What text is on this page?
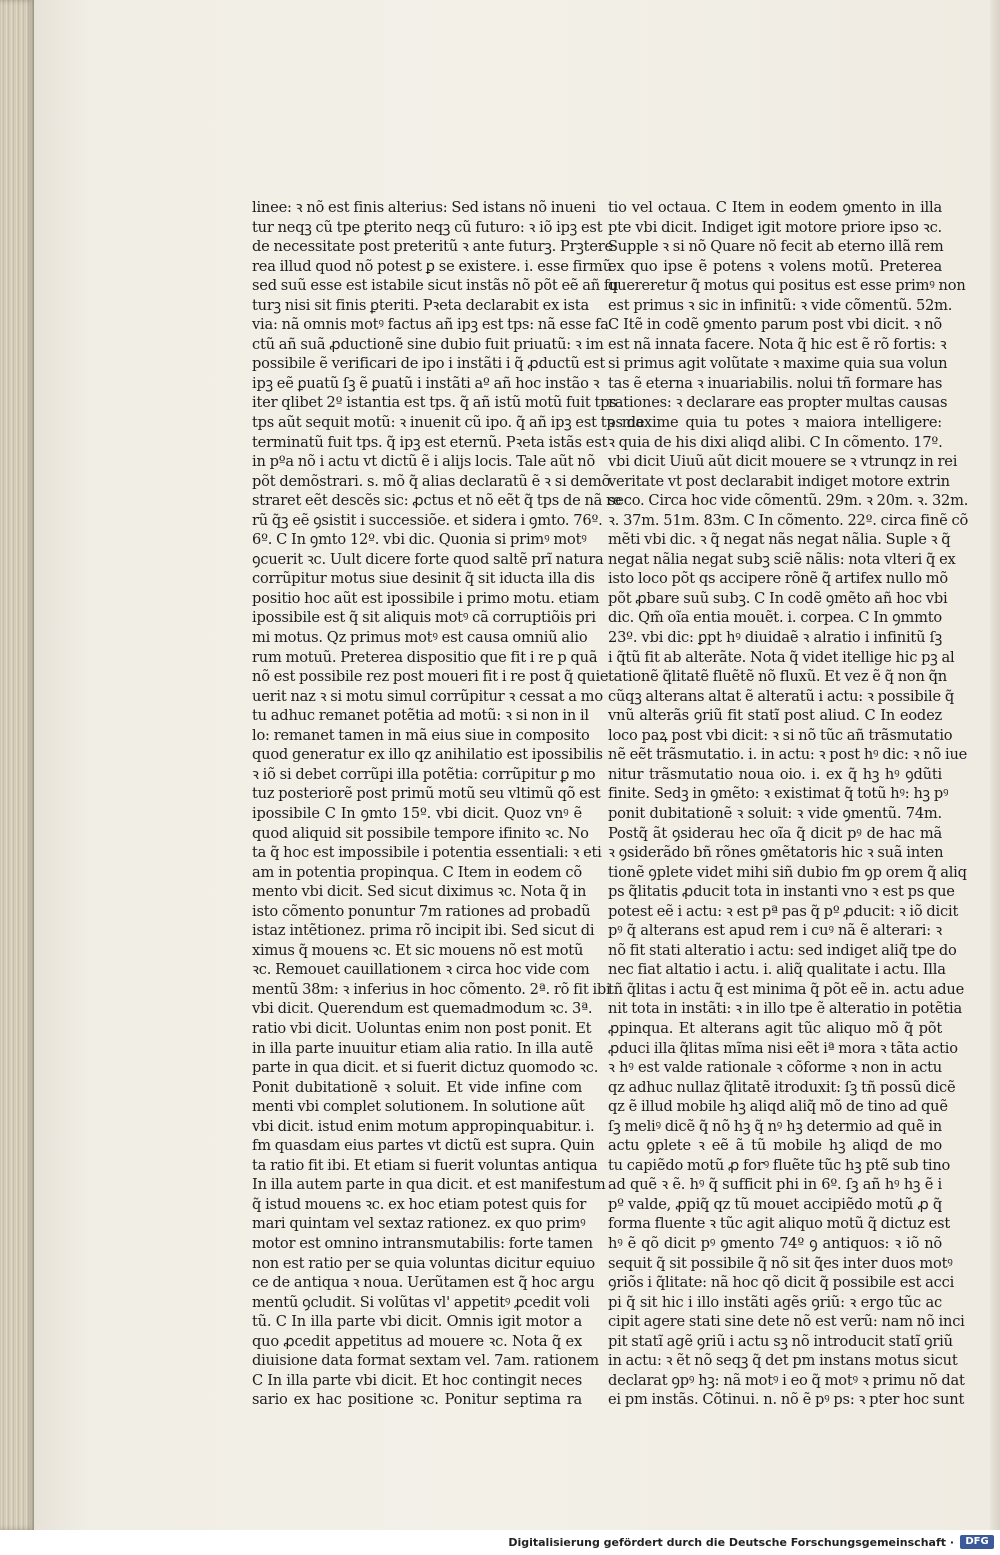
linee: ꝛ nõ est finis alterius: Sed istans nõ inueni
tur neqꝫ cũ tpe ꝑterito neqꝫ cũ futuro: ꝛ iõ ipꝫ est
de necessitate post preteritũ ꝛ ante futurꝫ. Prꝫtere
rea illud quod nõ potest ꝑ se existere. i. esse firmũ
sed suũ esse est istabile sicut instãs nõ põt eẽ añ fu
turꝫ nisi sit finis ꝑteriti. Pꝛeta declarabit ex ista
via: nã omnis motꝰ factus añ ipꝫ est tps: nã esse fa
ctũ añ suã ꝓductionẽ sine dubio fuit priuatũ: ꝛ im
possibile ẽ verificari de ipo i instãti i q̃ ꝓductũ est
ipꝫ eẽ ꝑuatũ ſꝫ ẽ ꝑuatũ i instãti aº añ hoc instão ꝛ
iter qlibet 2º istantia est tps. q̃ añ istũ motũ fuit tps
tps aũt sequit motũ: ꝛ inuenit cũ ipo. q̃ añ ipꝫ est tps de
terminatũ fuit tps. q̃ ipꝫ est eternũ. Pꝛeta istãs est
in pºa nõ i actu vt dictũ ẽ i alijs locis. Tale aũt nõ
põt demõstrari. s. mõ q̃ alias declaratũ ẽ ꝛ si demõ
straret eẽt descẽs sic: ꝓctus et nõ eẽt q̃ tps de nã re
rũ q̃ꝫ eẽ ꝯsistit i successiõe. et sidera i ꝯmto. 76º.
6º. C In ꝯmto 12º. vbi dic. Quonia si primꝰ motꝰ
ꝯcuerit ꝛc. Uult dicere forte quod saltẽ prĩ natura
corrũpitur motus siue desinit q̃ sit iducta illa dis
positio hoc aũt est ipossibile i primo motu. etiam
ipossibile est q̃ sit aliquis motꝰ cã corruptiõis pri
mi motus. Qz primus motꝰ est causa omniũ alio
rum motuũ. Preterea dispositio que fit i re p quã
nõ est possibile rez post moueri fit i re post q̃ quie
uerit naz ꝛ si motu simul corrũpitur ꝛ cessat a mo
tu adhuc remanet potẽtia ad motũ: ꝛ si non in il
lo: remanet tamen in mã eius siue in composito
quod generatur ex illo qz anihilatio est ipossibilis
ꝛ iõ si debet corrũpi illa potẽtia: corrũpitur ꝑ mo
tuz posteriorẽ post primũ motũ seu vltimũ qõ est
ipossibile C In ꝯmto 15º. vbi dicit. Quoz vnꝰ ẽ
quod aliquid sit possibile tempore ifinito ꝛc. No
ta q̃ hoc est impossibile i potentia essentiali: ꝛ eti
am in potentia propinqua. C Item in eodem cõ
mento vbi dicit. Sed sicut diximus ꝛc. Nota q̃ in
isto cõmento ponuntur 7m rationes ad probadũ
istaz intẽtionez. prima rõ incipit ibi. Sed sicut di
ximus q̃ mouens ꝛc. Et sic mouens nõ est motũ
ꝛc. Remouet cauillationem ꝛ circa hoc vide com
mentũ 38m: ꝛ inferius in hoc cõmento. 2ª. rõ fit ibi
vbi dicit. Querendum est quemadmodum ꝛc. 3ª.
ratio vbi dicit. Uoluntas enim non post ponit. Et
in illa parte inuuitur etiam alia ratio. In illa autẽ
parte in qua dicit. et si fuerit dictuz quomodo ꝛc.
Ponit dubitationẽ ꝛ soluit. Et vide infine com
menti vbi complet solutionem. In solutione aũt
vbi dicit. istud enim motum appropinquabitur. i.
fm quasdam eius partes vt dictũ est supra. Quin
ta ratio fit ibi. Et etiam si fuerit voluntas antiqua
In illa autem parte in qua dicit. et est manifestum
q̃ istud mouens ꝛc. ex hoc etiam potest quis for
mari quintam vel sextaz rationez. ex quo primꝰ
motor est omnino intransmutabilis: forte tamen
non est ratio per se quia voluntas dicitur equiuo
ce de antiqua ꝛ noua. Uerũtamen est q̃ hoc argu
mentũ ꝯcludit. Si volũtas vl' appetitꝰ ꝓcedit voli
tũ. C In illa parte vbi dicit. Omnis igit motor a
quo ꝓcedit appetitus ad mouere ꝛc. Nota q̃ ex
diuisione data format sextam vel. 7am. rationem
C In illa parte vbi dicit. Et hoc contingit neces
sario ex hac positione ꝛc. Ponitur septima ra
tio vel octaua. C Item in eodem ꝯmento in illa
pte vbi dicit. Indiget igit motore priore ipso ꝛc.
Supple ꝛ si nõ Quare nõ fecit ab eterno illã rem
ex quo ipse ẽ potens ꝛ volens motũ. Preterea
quereretur q̃ motus qui positus est esse primꝰ non
est primus ꝛ sic in infinitũ: ꝛ vide cõmentũ. 52m.
C Itẽ in codẽ ꝯmento parum post vbi dicit. ꝛ nõ
est nã innata facere. Nota q̃ hic est ẽ rõ fortis: ꝛ
si primus agit volũtate ꝛ maxime quia sua volun
tas ẽ eterna ꝛ inuariabilis. nolui tñ formare has
rationes: ꝛ declarare eas propter multas causas
ꝛ maxime quia tu potes ꝛ maiora intelligere:
ꝛ quia de his dixi aliqd alibi. C In cõmento. 17º.
vbi dicit Uiuũ aũt dicit mouere se ꝛ vtrunqz in rei
veritate vt post declarabit indiget motore extrin
seco. Circa hoc vide cõmentũ. 29m. ꝛ 20m. ꝛ. 32m.
ꝛ. 37m. 51m. 83m. C In cõmento. 22º. circa finẽ cõ
mẽti vbi dic. ꝛ q̃ negat nãs negat nãlia. Suple ꝛ q̃
negat nãlia negat subꝫ sciẽ nãlis: nota vlteri q̃ ex
isto loco põt qs accipere rõnẽ q̃ artifex nullo mõ
põt ꝓbare suũ subꝫ. C In codẽ ꝯmẽto añ hoc vbi
dic. Qm̃ oĩa entia mouẽt. i. corpea. C In ꝯmmto
23º. vbi dic: ꝑpt hꝰ diuidaẽ ꝛ alratio i infinitũ ſꝫ
i q̃tũ fit ab alterãte. Nota q̃ videt itellige hic pꝫ al
tationẽ q̃litatẽ fluẽtẽ nõ fluxũ. Et vez ẽ q̃ non q̃n
cũqꝫ alterans altat ẽ alteratũ i actu: ꝛ possibile q̃
vnũ alterãs ꝯriũ fit statĩ post aliud. C In eodez
loco paꝝ post vbi dicit: ꝛ si nõ tũc añ trãsmutatio
nẽ eẽt trãsmutatio. i. in actu: ꝛ post hꝰ dic: ꝛ nõ iue
nitur trãsmutatio noua oio. i. ex q̃ hꝫ hꝰ ꝯdũti
finite. Sedꝫ in ꝯmẽto: ꝛ existimat q̃ totũ hꝰ: hꝫ pꝰ
ponit dubitationẽ ꝛ soluit: ꝛ vide ꝯmentũ. 74m.
Postq̃ ãt ꝯsiderau hec oĩa q̃ dicit pꝰ de hac mã
ꝛ ꝯsiderãdo bñ rõnes ꝯmẽtatoris hic ꝛ suã inten
tionẽ ꝯplete videt mihi siñ dubio fm ꝯp orem q̃ aliq
ps q̃litatis ꝓducit tota in instanti vno ꝛ est ps que
potest eẽ i actu: ꝛ est pª pas q̃ pº ꝓducit: ꝛ iõ dicit
pꝰ q̃ alterans est apud rem i cuꝰ nã ẽ alterari: ꝛ
nõ fit stati alteratio i actu: sed indiget aliq̃ tpe do
nec fiat altatio i actu. i. aliq̃ qualitate i actu. Illa
tñ q̃litas i actu q̃ est minima q̃ põt eẽ in. actu adue
nit tota in instãti: ꝛ in illo tpe ẽ alteratio in potẽtia
ꝓpinqua. Et alterans agit tũc aliquo mõ q̃ põt
ꝓduci illa q̃litas mĩma nisi eẽt iª mora ꝛ tãta actio
ꝛ hꝰ est valde rationale ꝛ cõforme ꝛ non in actu
qz adhuc nullaz q̃litatẽ itroduxit: ſꝫ tñ possũ dicẽ
qz ẽ illud mobile hꝫ aliqd aliq̃ mõ de tino ad quẽ
ſꝫ meliꝰ dicẽ q̃ nõ hꝫ q̃ nꝰ hꝫ determio ad quẽ in
actu ꝯplete ꝛ eẽ ã tũ mobile hꝫ aliqd de mo
tu capiẽdo motũ ꝓ forꝰ fluẽte tũc hꝫ ptẽ sub tino
ad quẽ ꝛ ẽ. hꝰ q̃ sufficit phi in 6º. ſꝫ añ hꝰ hꝫ ẽ i
pº valde, ꝓpiq̃ qz tũ mouet accipiẽdo motũ ꝓ q̃
forma fluente ꝛ tũc agit aliquo motũ q̃ dictuz est
hꝰ ẽ qõ dicit pꝰ ꝯmento 74º ꝯ antiquos: ꝛ iõ nõ
sequit q̃ sit possibile q̃ nõ sit q̃es inter duos motꝰ
ꝯriõs i q̃litate: nã hoc qõ dicit q̃ possibile est acci
pi q̃ sit hic i illo instãti agẽs ꝯriũ: ꝛ ergo tũc ac
cipit agere stati sine dete nõ est verũ: nam nõ inci
pit statĩ agẽ ꝯriũ i actu sꝫ nõ introducit statĩ ꝯriũ
in actu: ꝛ ẽt nõ seqꝫ q̃ det pm instans motus sicut
declarat ꝯpꝰ hꝫ: nã motꝰ i eo q̃ motꝰ ꝛ primu nõ dat
ei pm instãs. Cõtinui. n. nõ ẽ pꝰ ps: ꝛ pter hoc sunt
Digitalisierung gefördert durch die Deutsche Forschungsgemeinschaft ·	DFG
